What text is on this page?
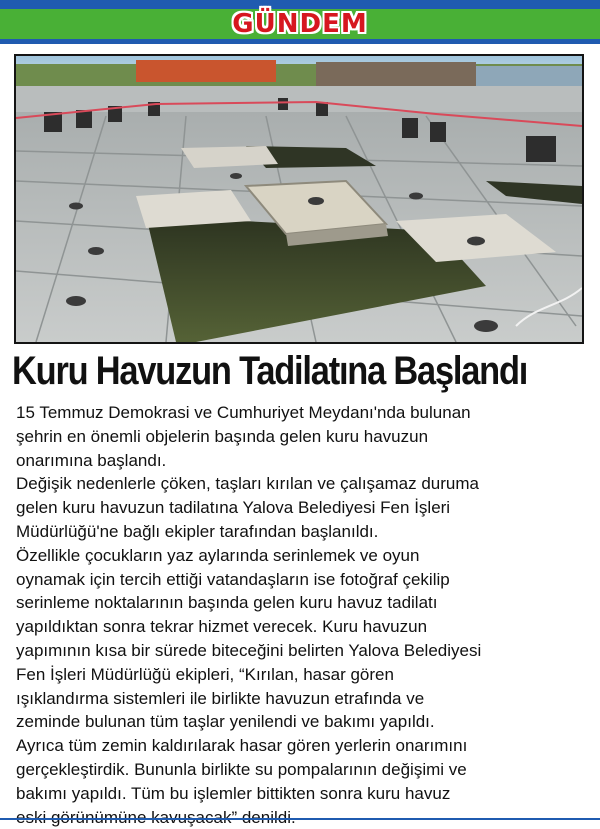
GÜNDEM
Kuru Havuzun Tadilatına Başlandı
15 Temmuz Demokrasi ve Cumhuriyet Meydanı'nda bulunan
şehrin en önemli objelerin başında gelen kuru havuzun
onarımına başlandı.
Değişik nedenlerle çöken, taşları kırılan ve çalışamaz duruma
gelen kuru havuzun tadilatına Yalova Belediyesi Fen İşleri
Müdürlüğü'ne bağlı ekipler tarafından başlanıldı.
Özellikle çocukların yaz aylarında serinlemek ve oyun
oynamak için tercih ettiği vatandaşların ise fotoğraf çekilip
serinleme noktalarının başında gelen kuru havuz tadilatı
yapıldıktan sonra tekrar hizmet verecek. Kuru havuzun
yapımının kısa bir sürede biteceğini belirten Yalova Belediyesi
Fen İşleri Müdürlüğü ekipleri, “Kırılan, hasar gören
ışıklandırma sistemleri ile birlikte havuzun etrafında ve
zeminde bulunan tüm taşlar yenilendi ve bakımı yapıldı.
Ayrıca tüm zemin kaldırılarak hasar gören yerlerin onarımını
gerçekleştirdik. Bununla birlikte su pompalarının değişimi ve
bakımı yapıldı. Tüm bu işlemler bittikten sonra kuru havuz
